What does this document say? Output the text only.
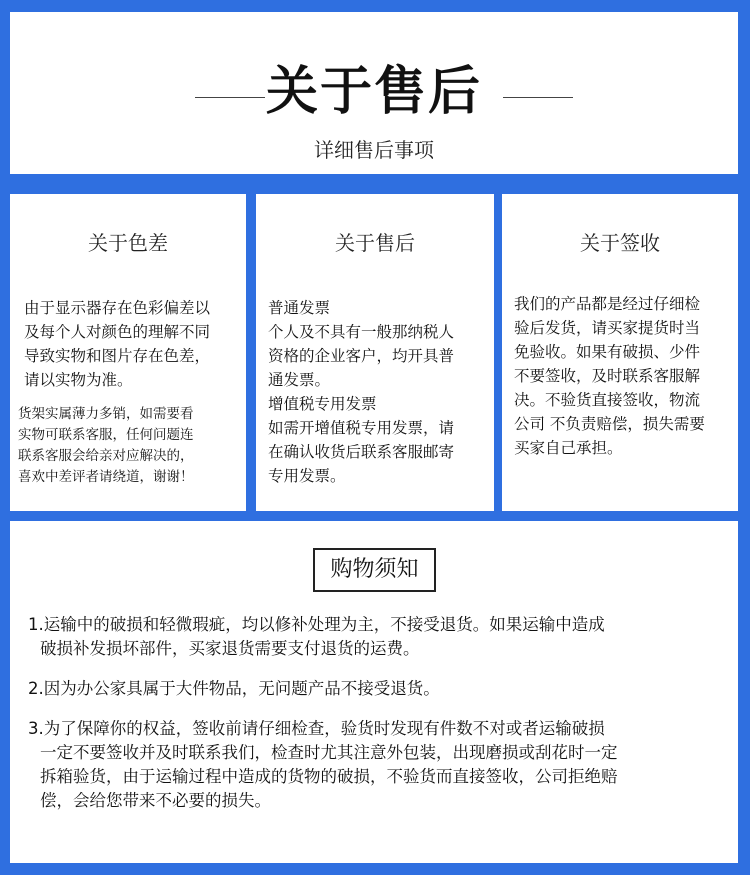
关于售后
详细售后事项
关于色差
由于显示器存在色彩偏差以
及每个人对颜色的理解不同
导致实物和图片存在色差，
请以实物为准。
货架实属薄力多销，如需要看
实物可联系客服，任何问题连
联系客服会给亲对应解决的，
喜欢中差评者请绕道，谢谢！
关于售后
普通发票
个人及不具有一般那纳税人
资格的企业客户，均开具普
通发票。
增值税专用发票
如需开增值税专用发票，请
在确认收货后联系客服邮寄
专用发票。
关于签收
我们的产品都是经过仔细检
验后发货，请买家提货时当
免验收。如果有破损、少件
不要签收，及时联系客服解
决。不验货直接签收，物流
公司 不负责赔偿，损失需要
买家自己承担。
购物须知
1.运输中的破损和轻微瑕疵，均以修补处理为主，不接受退货。如果运输中造成
破损补发损坏部件，买家退货需要支付退货的运费。
2.因为办公家具属于大件物品，无问题产品不接受退货。
3.为了保障你的权益，签收前请仔细检查，验货时发现有件数不对或者运输破损
一定不要签收并及时联系我们，检查时尤其注意外包装，出现磨损或刮花时一定
拆箱验货，由于运输过程中造成的货物的破损，不验货而直接签收，公司拒绝赔
偿，会给您带来不必要的损失。
